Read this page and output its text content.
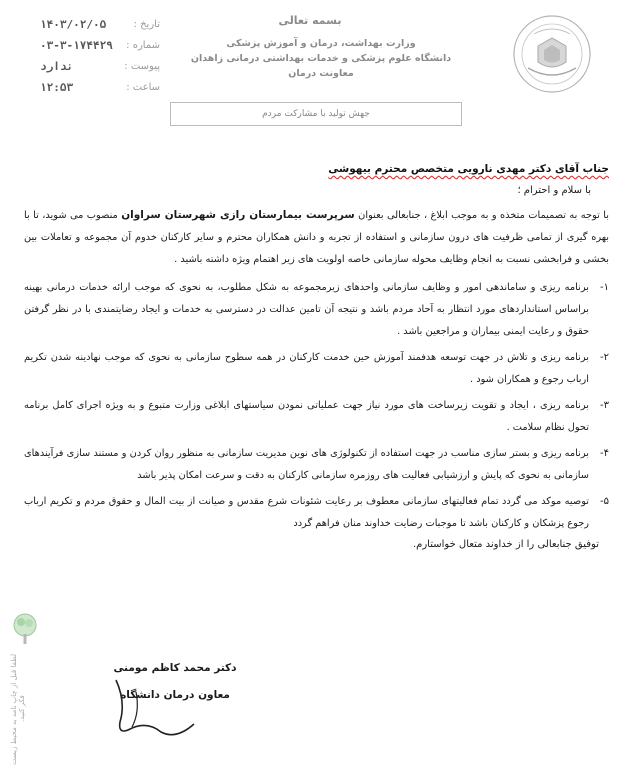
تاریخ :
۱۴۰۳/۰۲/۰۵
شماره :
۰۳-۳-۱۷۴۴۲۹
پیوست :
ندارد
ساعت :
۱۲:۵۳
بسمه تعالی
وزارت بهداشت، درمان و آموزش پزشکی
دانشگاه علوم پزشکی و خدمات بهداشتی درمانی زاهدان
معاونت درمان
جهش تولید با مشارکت مردم

جناب آقای دکتر مهدی نارویی متخصص محترم بیهوشی

با سلام و احترام ؛

با توجه به تصمیمات متخذه و به موجب ابلاغ ، جنابعالی بعنوان سرپرست بیمارستان رازی شهرستان سراوان منصوب می شوید، تا با بهره گیری از تمامی ظرفیت های درون سازمانی و استفاده از تجربه و دانش همکاران محترم و سایر کارکنان خدوم آن مجموعه و تعاملات بین بخشی و فرابخشی نسبت به انجام وظایف محوله سازمانی خاصه اولویت های زیر اهتمام ویژه داشته باشید .

۱-
برنامه ریزی و ساماندهی امور و وظایف سازمانی واحدهای زیرمجموعه به شکل مطلوب، به نحوی که موجب ارائه خدمات درمانی بهینه براساس استانداردهای مورد انتظار به آحاد مردم باشد و نتیجه آن تامین عدالت در دسترسی به خدمات و ایجاد رضایتمندی با در نظر گرفتن حقوق و رعایت ایمنی بیماران و مراجعین باشد .
۲-
برنامه ریزی و تلاش در جهت توسعه هدفمند آموزش حین خدمت کارکنان در همه سطوح سازمانی به نحوی که موجب نهادینه شدن تکریم ارباب رجوع و همکاران شود .
۳-
برنامه ریزی ، ایجاد و تقویت زیرساخت های مورد نیاز جهت عملیاتی نمودن سیاستهای ابلاغی وزارت متبوع و به ویژه اجرای کامل برنامه تحول نظام سلامت .
۴-
برنامه ریزی و بستر سازی مناسب در جهت استفاده از تکنولوژی های نوین مدیریت سازمانی به منظور روان کردن و مستند سازی فرآیندهای سازمانی به نحوی که پایش و ارزشیابی فعالیت های روزمره سازمانی کارکنان به دقت و سرعت امکان پذیر باشد
۵-
توصیه موکد می گردد تمام فعالیتهای سازمانی معطوف بر رعایت شئونات شرع مقدس و صیانت از بیت المال و حقوق مردم و تکریم ارباب رجوع پزشکان و کارکنان باشد تا موجبات رضایت خداوند منان فراهم گردد

توفیق جنابعالی را از خداوند متعال خواستارم.

دکتر محمد کاظم مومنی
معاون درمان دانشگاه
لطفا قبل از چاپ نامه به محیط زیست فکر کنید.
